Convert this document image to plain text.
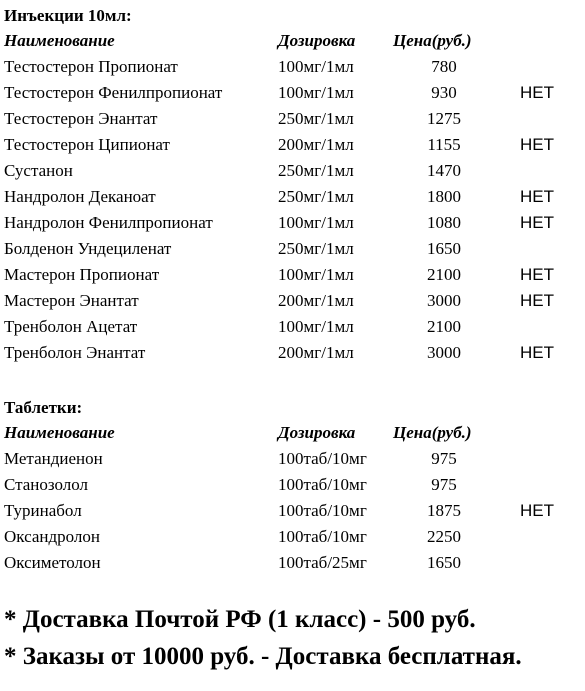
Инъекции 10мл:
Наименование	Дозировка Цена(руб.)
Тестостерон Пропионат	100мг/1мл	780
Тестостерон Фенилпропионат	100мг/1мл	930	НЕТ
Тестостерон Энантат	250мг/1мл	1275
Тестостерон Ципионат	200мг/1мл	1155	НЕТ
Сустанон	250мг/1мл	1470
Нандролон Деканоат	250мг/1мл	1800	НЕТ
Нандролон Фенилпропионат	100мг/1мл	1080	НЕТ
Болденон Ундециленат	250мг/1мл	1650
Мастерон Пропионат	100мг/1мл	2100	НЕТ
Мастерон Энантат	200мг/1мл	3000	НЕТ
Тренболон Ацетат	100мг/1мл	2100
Тренболон Энантат	200мг/1мл	3000	НЕТ
Таблетки:
Наименование	Дозировка Цена(руб.)
Метандиенон	100таб/10мг	975
Станозолол	100таб/10мг	975
Туринабол	100таб/10мг	1875	НЕТ
Оксандролон	100таб/10мг	2250
Оксиметолон	100таб/25мг	1650
* Доставка Почтой РФ (1 класс) - 500 руб.
* Заказы от 10000 руб. - Доставка бесплатная.
